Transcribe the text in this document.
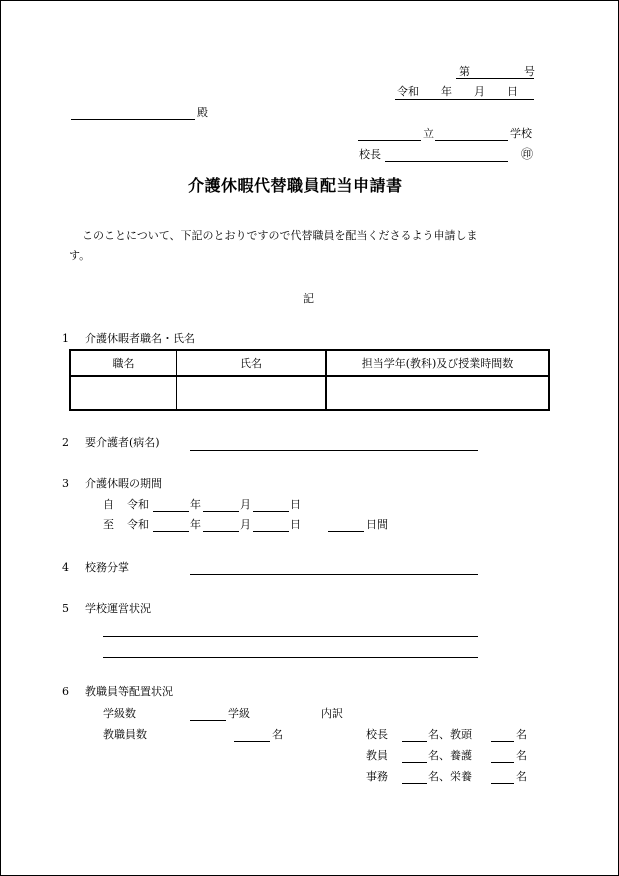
第	号
令和　　年　　月　　日
殿
立	学校
校長	㊞
介護休暇代替職員配当申請書
このことについて、下記のとおりですので代替職員を配当くださるよう申請しま
す。
記
1 介護休暇者職名・氏名
職名	氏名	担当学年(教科)及び授業時間数

2 要介護者(病名)
3 介護休暇の期間
自 令和	年	月	日
至 令和	年	月	日	日間
4 校務分掌
5 学校運営状況
6 教職員等配置状況
学級数	学級	内訳
教職員数	名	校長	名、教頭	名
教員	名、養護	名
事務	名、栄養	名
